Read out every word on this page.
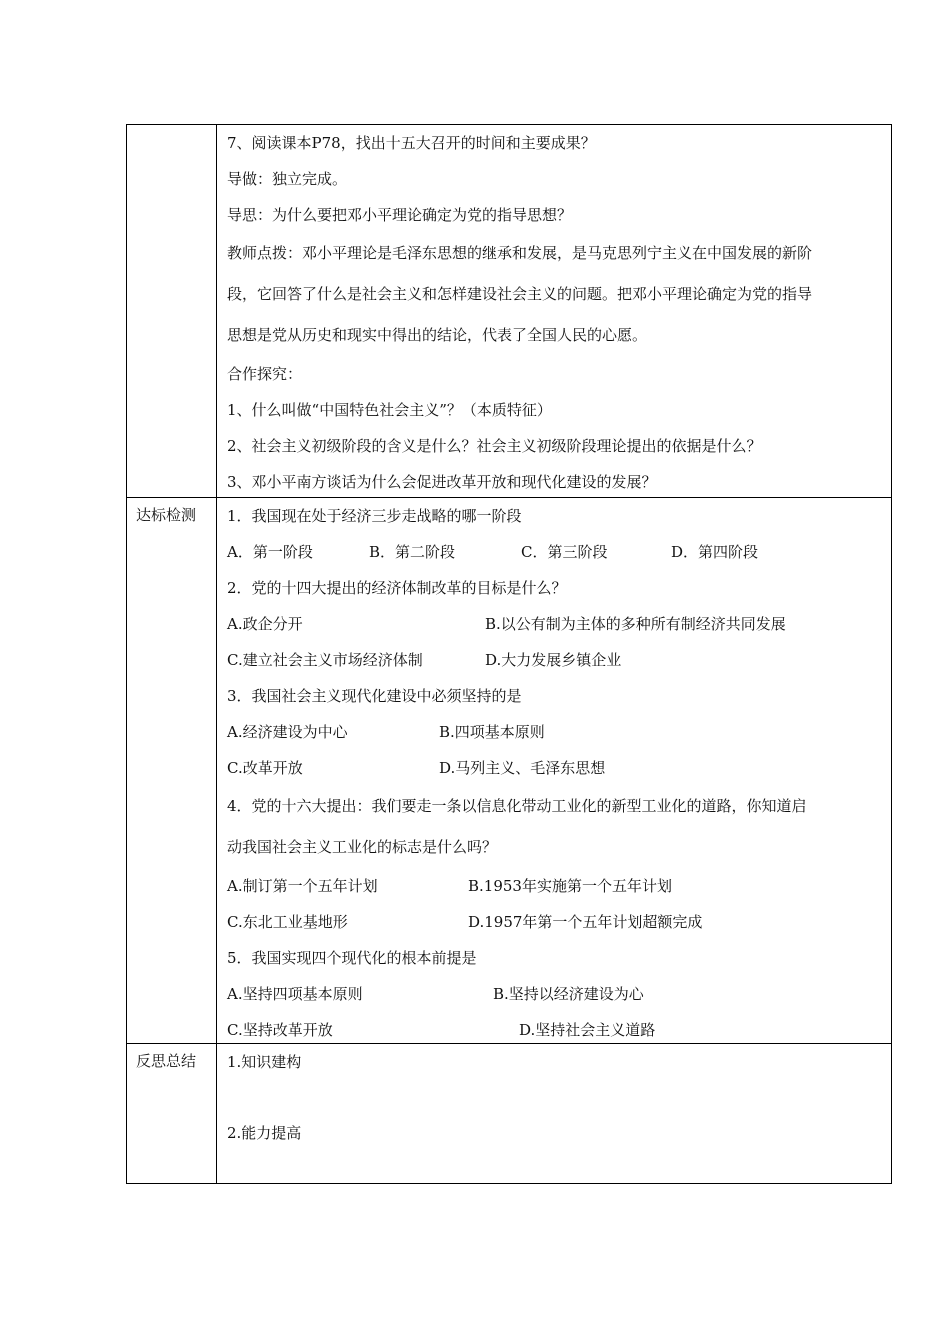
7、阅读课本P78，找出十五大召开的时间和主要成果？
导做：独立完成。
导思：为什么要把邓小平理论确定为党的指导思想？
教师点拨：邓小平理论是毛泽东思想的继承和发展，是马克思列宁主义在中国发展的新阶
段，它回答了什么是社会主义和怎样建设社会主义的问题。把邓小平理论确定为党的指导
思想是党从历史和现实中得出的结论，代表了全国人民的心愿。
合作探究：
1、什么叫做“中国特色社会主义”？（本质特征）
2、社会主义初级阶段的含义是什么？社会主义初级阶段理论提出的依据是什么？
3、邓小平南方谈话为什么会促进改革开放和现代化建设的发展？
达标检测	1．我国现在处于经济三步走战略的哪一阶段
A．第一阶段	B．第二阶段	C．第三阶段	D．第四阶段
2．党的十四大提出的经济体制改革的目标是什么？
A.政企分开	B.以公有制为主体的多种所有制经济共同发展
C.建立社会主义市场经济体制	D.大力发展乡镇企业
3．我国社会主义现代化建设中必须坚持的是
A.经济建设为中心	B.四项基本原则
C.改革开放	D.马列主义、毛泽东思想
4．党的十六大提出：我们要走一条以信息化带动工业化的新型工业化的道路，你知道启
动我国社会主义工业化的标志是什么吗？
A.制订第一个五年计划	B.1953年实施第一个五年计划
C.东北工业基地形	D.1957年第一个五年计划超额完成
5．我国实现四个现代化的根本前提是
A.坚持四项基本原则	B.坚持以经济建设为心
C.坚持改革开放	D.坚持社会主义道路
反思总结	1.知识建构
2.能力提高
